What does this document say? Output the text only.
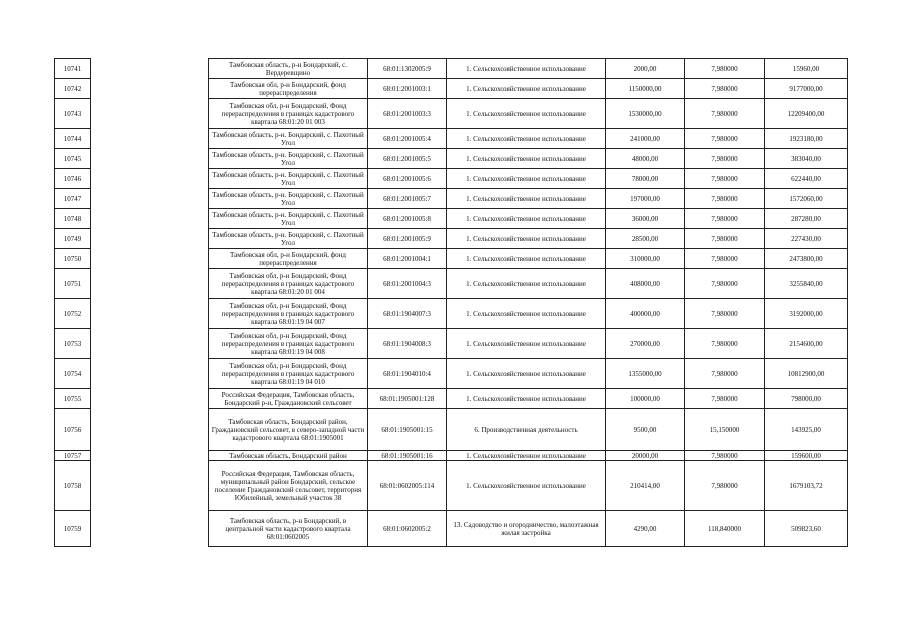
10741		Тамбовская область, р-н Бондарский, с. Вердеревщино	68:01:1302005:9	1. Сельскохозяйственное использование	2000,00	7,980000	15960,00
10742		Тамбовская обл, р-н Бондарский, фонд перераспределения	68:01:2001003:1	1. Сельскохозяйственное использование	1150000,00	7,980000	9177000,00
10743		Тамбовская обл, р-н Бондарский, Фонд перераспределения в границах кадастрового квартала 68:01:20 01 003	68:01:2001003:3	1. Сельскохозяйственное использование	1530000,00	7,980000	12209400,00
10744		Тамбовская область, р-н. Бондарский, с. Пахотный Угол	68:01:2001005:4	1. Сельскохозяйственное использование	241000,00	7,980000	1923180,00
10745		Тамбовская область, р-н. Бондарский, с. Пахотный Угол	68:01:2001005:5	1. Сельскохозяйственное использование	48000,00	7,980000	383040,00
10746		Тамбовская область, р-н. Бондарский, с. Пахотный Угол	68:01:2001005:6	1. Сельскохозяйственное использование	78000,00	7,980000	622440,00
10747		Тамбовская область, р-н. Бондарский, с. Пахотный Угол	68:01:2001005:7	1. Сельскохозяйственное использование	197000,00	7,980000	1572060,00
10748		Тамбовская область, р-н. Бондарский, с. Пахотный Угол	68:01:2001005:8	1. Сельскохозяйственное использование	36000,00	7,980000	287280,00
10749		Тамбовская область, р-н. Бондарский, с. Пахотный Угол	68:01:2001005:9	1. Сельскохозяйственное использование	28500,00	7,980000	227430,00
10750		Тамбовская обл, р-н Бондарский, фонд перераспределения	68:01:2001004:1	1. Сельскохозяйственное использование	310000,00	7,980000	2473800,00
10751		Тамбовская обл, р-н Бондарский, Фонд перераспределения в границах кадастрового квартала 68:01:20 01 004	68:01:2001004:3	1. Сельскохозяйственное использование	408000,00	7,980000	3255840,00
10752		Тамбовская обл, р-н Бондарский, Фонд перераспределения в границах кадастрового квартала 68:01:19 04 007	68:01:1904007:3	1. Сельскохозяйственное использование	400000,00	7,980000	3192000,00
10753		Тамбовская обл, р-н Бондарский, Фонд перераспределения в границах кадастрового квартала 68:01:19 04 008	68:01:1904008:3	1. Сельскохозяйственное использование	270000,00	7,980000	2154600,00
10754		Тамбовская обл, р-н Бондарский, Фонд перераспределения в границах кадастрового квартала 68:01:19 04 010	68:01:1904010:4	1. Сельскохозяйственное использование	1355000,00	7,980000	10812900,00
10755		Российская Федерация, Тамбовская область, Бондарский р-н, Граждановский сельсовет	68:01:1905001:128	1. Сельскохозяйственное использование	100000,00	7,980000	798000,00
10756		Тамбовская область, Бондарский район, Граждановский сельсовет, в северо-западной части кадастрового квартала 68:01:1905001	68:01:1905001:15	6. Производственная деятельность	9500,00	15,150000	143925,00
10757		Тамбовская область, Бондарский район	68:01:1905001:16	1. Сельскохозяйственное использование	20000,00	7,980000	159600,00
10758		Российская Федерация, Тамбовская область, муниципальный район Бондарский, сельское поселение Граждановский сельсовет, территория Юбилейный, земельный участок 38	68:01:0602005:114	1. Сельскохозяйственное использование	210414,00	7,980000	1679103,72
10759		Тамбовская область, р-н Бондарский, в центральной части кадастрового квартала 68:01:0602005	68:01:0602005:2	13. Садоводство и огородничество, малоэтажная жилая застройка	4290,00	118,840000	509823,60
